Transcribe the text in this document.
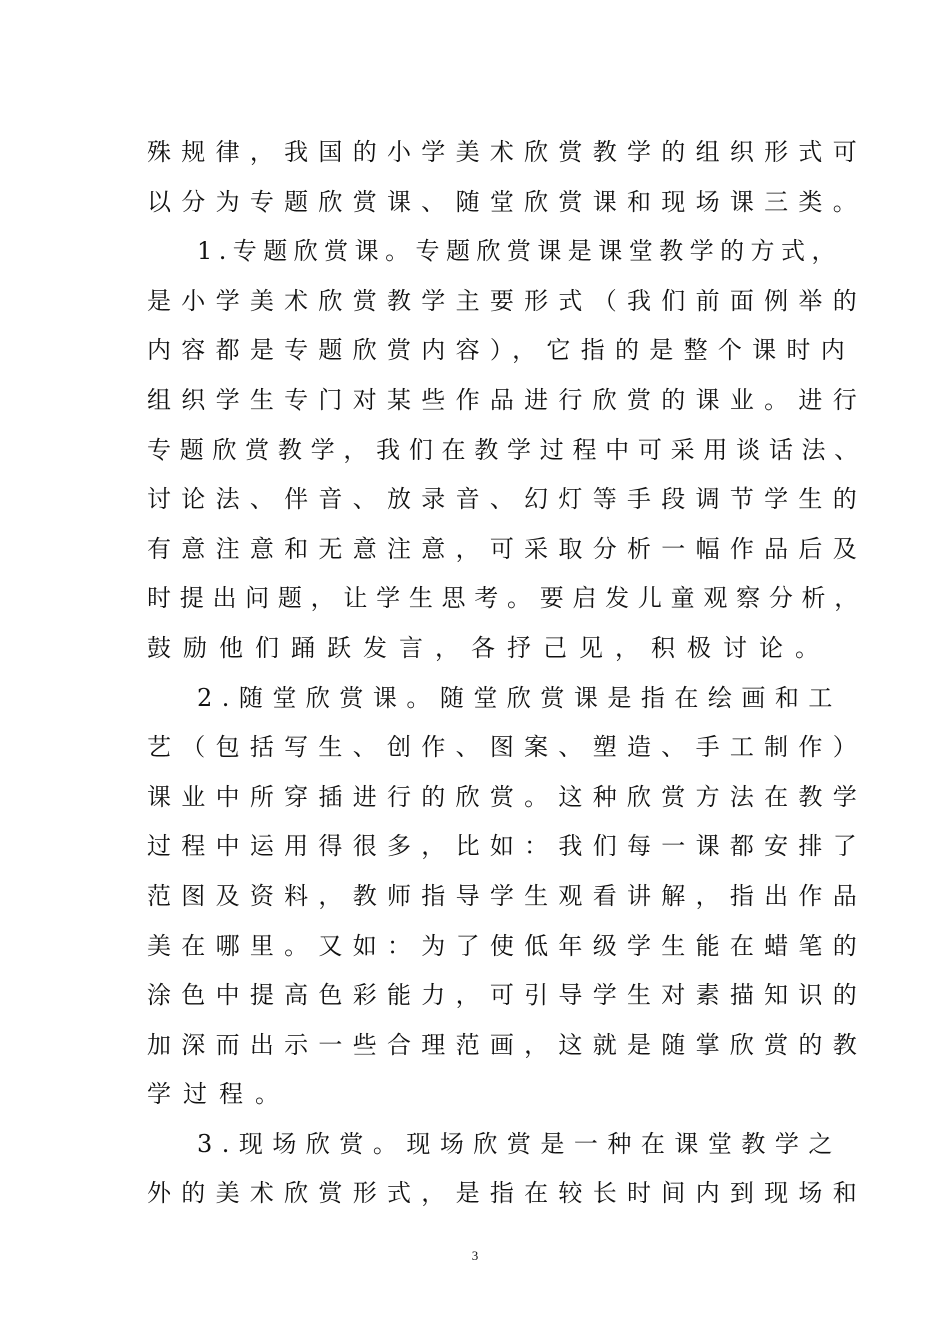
殊规律，我国的小学美术欣赏教学的组织形式可
以分为专题欣赏课、随堂欣赏课和现场课三类。
1.专题欣赏课。专题欣赏课是课堂教学的方式，
是小学美术欣赏教学主要形式（我们前面例举的
内容都是专题欣赏内容），它指的是整个课时内
组织学生专门对某些作品进行欣赏的课业。进行
专题欣赏教学，我们在教学过程中可采用谈话法、
讨论法、伴音、放录音、幻灯等手段调节学生的
有意注意和无意注意，可采取分析一幅作品后及
时提出问题，让学生思考。要启发儿童观察分析，
鼓励他们踊跃发言，各抒己见，积极讨论。
2.随堂欣赏课。随堂欣赏课是指在绘画和工
艺（包括写生、创作、图案、塑造、手工制作）
课业中所穿插进行的欣赏。这种欣赏方法在教学
过程中运用得很多，比如：我们每一课都安排了
范图及资料，教师指导学生观看讲解，指出作品
美在哪里。又如：为了使低年级学生能在蜡笔的
涂色中提高色彩能力，可引导学生对素描知识的
加深而出示一些合理范画，这就是随掌欣赏的教
学过程。
3.现场欣赏。现场欣赏是一种在课堂教学之
外的美术欣赏形式，是指在较长时间内到现场和
3
